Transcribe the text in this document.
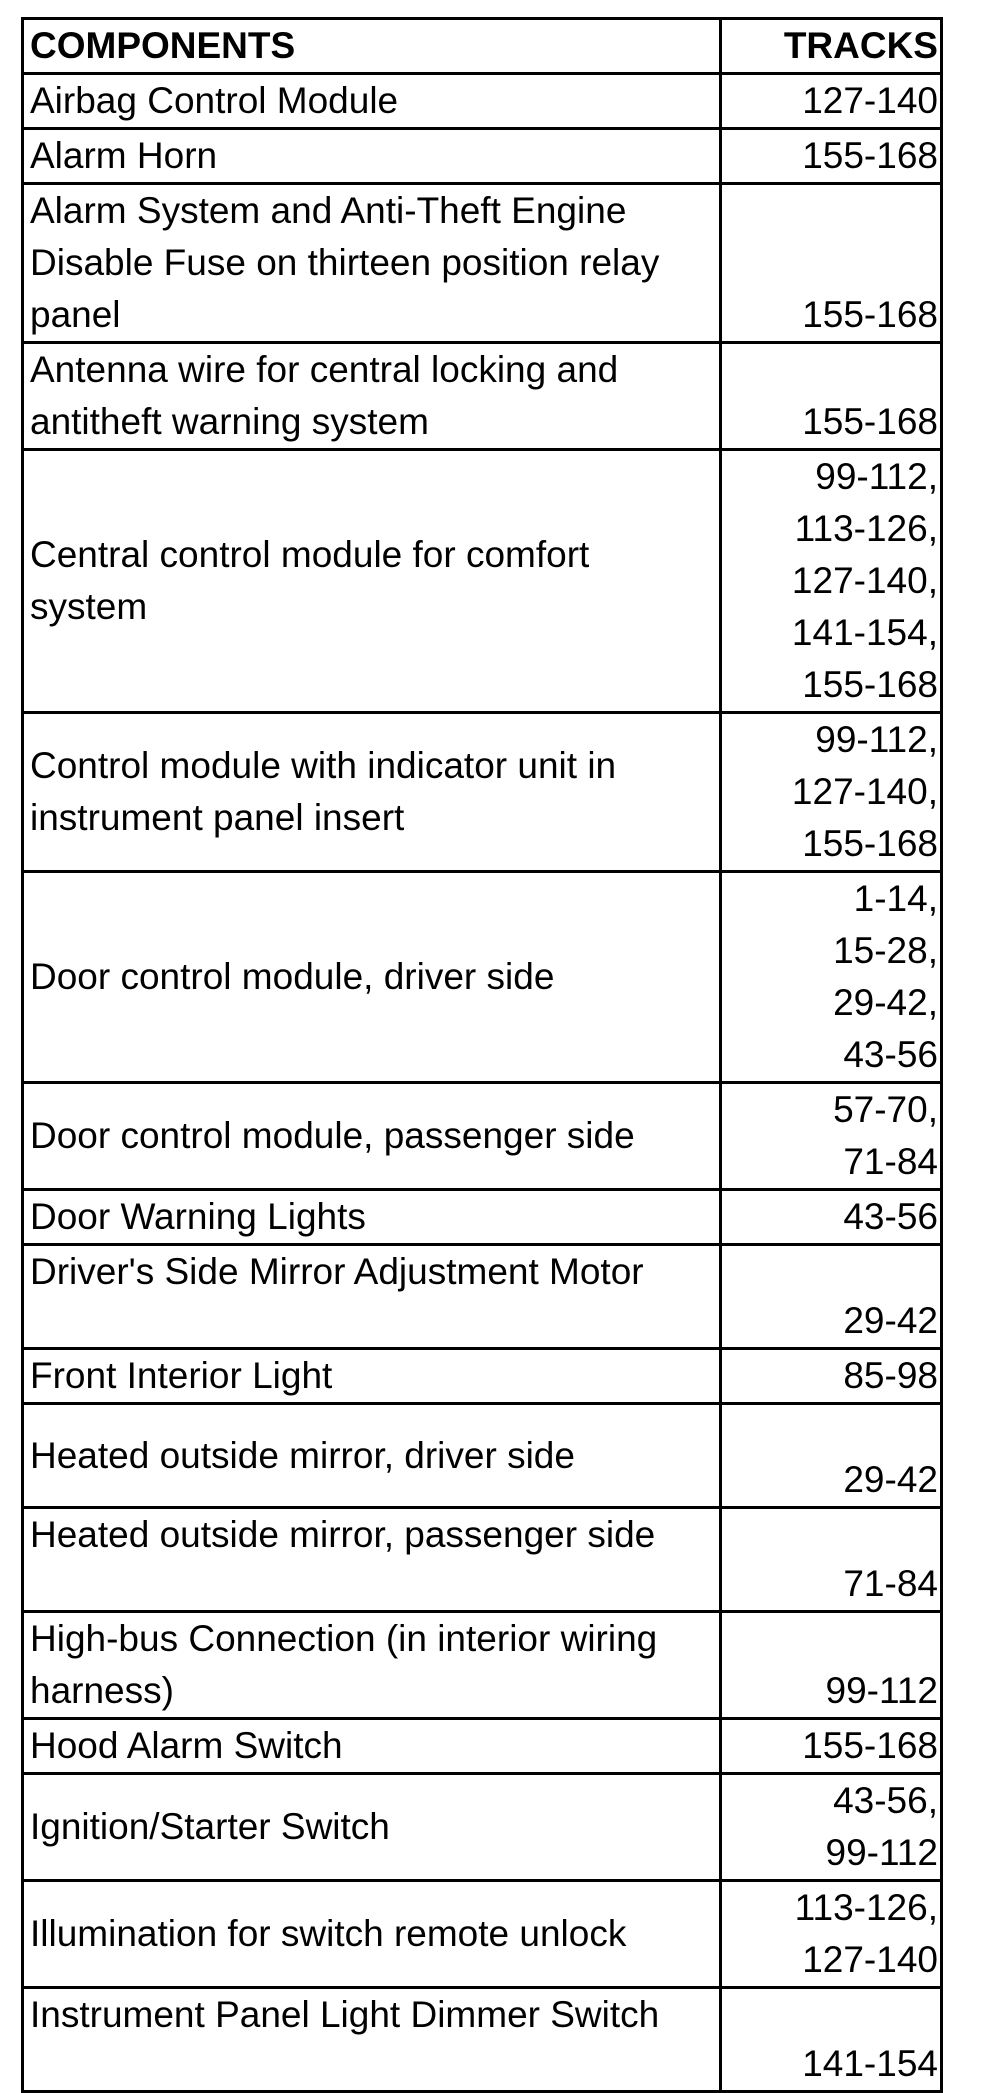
COMPONENTS	TRACKS
Airbag Control Module	127-140

Alarm Horn	155-168

Alarm System and Anti-Theft Engine Disable Fuse on thirteen position relay panel	155-168

Antenna wire for central locking and antitheft warning system	155-168

Central control module for comfort system	99-112,
113-126,
127-140,
141-154,
155-168

Control module with indicator unit in instrument panel insert	99-112,
127-140,
155-168

Door control module, driver side	1-14,
15-28,
29-42,
43-56

Door control module, passenger side	57-70,
71-84

Door Warning Lights	43-56

Driver's Side Mirror Adjustment Motor	29-42

Front Interior Light	85-98

Heated outside mirror, driver side	29-42

Heated outside mirror, passenger side	71-84

High-bus Connection (in interior wiring harness)	99-112

Hood Alarm Switch	155-168

Ignition/Starter Switch	43-56,
99-112

Illumination for switch remote unlock	113-126,
127-140

Instrument Panel Light Dimmer Switch	141-154
